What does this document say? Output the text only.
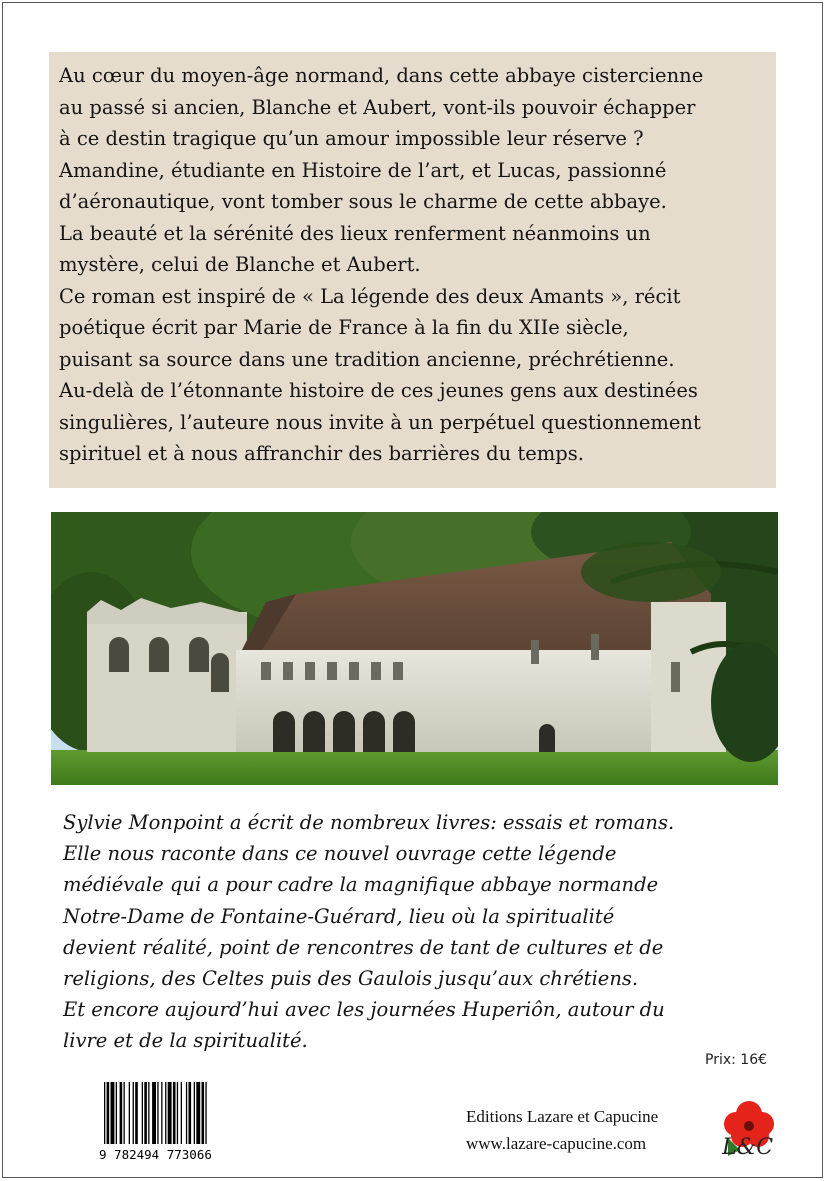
Au cœur du moyen-âge normand, dans cette abbaye cistercienne
au passé si ancien, Blanche et Aubert, vont-ils pouvoir échapper
à ce destin tragique qu’un amour impossible leur réserve ?
Amandine, étudiante en Histoire de l’art, et Lucas, passionné
d’aéronautique, vont tomber sous le charme de cette abbaye.
La beauté et la sérénité des lieux renferment néanmoins un
mystère, celui de Blanche et Aubert.
Ce roman est inspiré de « La légende des deux Amants », récit
poétique écrit par Marie de France à la fin du XIIe siècle,
puisant sa source dans une tradition ancienne, préchrétienne.
Au-delà de l’étonnante histoire de ces jeunes gens aux destinées
singulières, l’auteure nous invite à un perpétuel questionnement
spirituel et à nous affranchir des barrières du temps.
Sylvie Monpoint a écrit de nombreux livres: essais et romans.
Elle nous raconte dans ce nouvel ouvrage cette légende
médiévale qui a pour cadre la magnifique abbaye normande
Notre-Dame de Fontaine-Guérard, lieu où la spiritualité
devient réalité, point de rencontres de tant de cultures et de
religions, des Celtes puis des Gaulois jusqu’aux chrétiens.
Et encore aujourd’hui avec les journées Huperiôn, autour du
livre et de la spiritualité.
Prix: 16€
9 782494 773066
Editions Lazare et Capucine
www.lazare-capucine.com	L&C
